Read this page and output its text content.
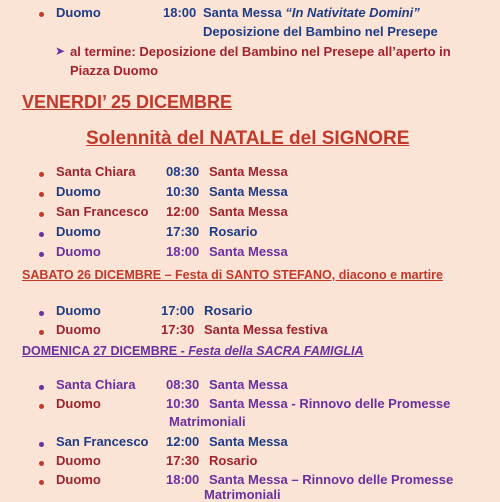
Duomo	18:00 Santa Messa “In Nativitate Domini”
Deposizione del Bambino nel Presepe
➤ al termine: Deposizione del Bambino nel Presepe all’aperto in
Piazza Duomo
VENERDI’ 25 DICEMBRE
Solennità del NATALE del SIGNORE
Santa Chiara 08:30 Santa Messa
Duomo	10:30 Santa Messa
San Francesco 12:00 Santa Messa
Duomo	17:30 Rosario
Duomo	18:00 Santa Messa
SABATO 26 DICEMBRE – Festa di SANTO STEFANO, diacono e martire
Duomo	17:00 Rosario
Duomo	17:30 Santa Messa festiva
DOMENICA 27 DICEMBRE - Festa della SACRA FAMIGLIA
Santa Chiara 08:30 Santa Messa
Duomo	10:30 Santa Messa - Rinnovo delle Promesse
Matrimoniali
San Francesco 12:00 Santa Messa
Duomo	17:30 Rosario
Duomo	18:00 Santa Messa – Rinnovo delle Promesse
Matrimoniali
